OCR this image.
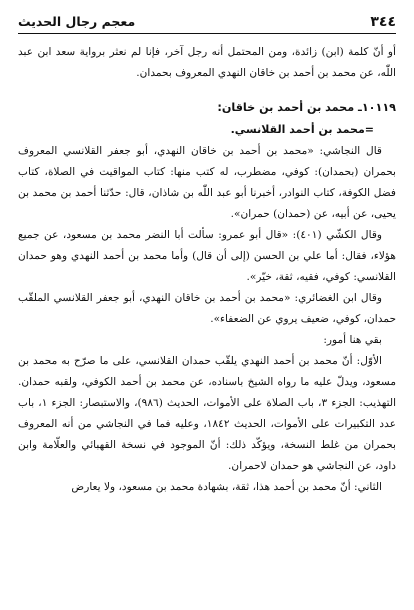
٣٤٤
معجم رجال الحديث

أو أنّ كلمة (ابن) زائدة، ومن المحتمل أنه رجل آخر، فإنا لم نعثر برواية سعد ابن عبد اللّٰه، عن محمد بن أحمد بن خاقان النهدي المعروف بحمدان.

١٠١١٩ـ محمد بن أحمد بن خاقان:
=محمد بن أحمد القلانسي.

قال النجاشي: «محمد بن أحمد بن خاقان النهدي، أبو جعفر القلانسي المعروف بحمران (بحمدان): كوفي، مضطرب، له كتب منها: كتاب المواقيت في الصلاة، كتاب فضل الكوفة، كتاب النوادر، أخبرنا أبو عبد اللّٰه بن شاذان، قال: حدّثنا أحمد بن محمد بن يحيى، عن أبيه، عن (حمدان) حمران».

وقال الكشّي (٤٠١): «قال أبو عمرو: سألت أبا النضر محمد بن مسعود، عن جميع هؤلاء، فقال: أما علي بن الحسن (إلى أن قال) وأما محمد بن أحمد النهدي وهو حمدان القلانسي: كوفي، فقيه، ثقة، خيّر».

وقال ابن الغضائري: «محمد بن أحمد بن خاقان النهدي، أبو جعفر القلانسي الملقّب حمدان، كوفي، ضعيف يروي عن الضعفاء».

بقي هنا أمور:

الأوّل: أنّ محمد بن أحمد النهدي يلقّب حمدان القلانسي، على ما صرّح به محمد بن مسعود، ويدلّ عليه ما رواه الشيخ باسناده، عن محمد بن أحمد الكوفي، ولقبه حمدان. التهذيب: الجزء ٣، باب الصلاة على الأموات، الحديث (٩٨٦)، والاستبصار: الجزء ١، باب عدد التكبيرات على الأموات، الحديث ١٨٤٢، وعليه فما في النجاشي من أنه المعروف بحمران من غلط النسخة، ويؤكّد ذلك: أنّ الموجود في نسخة القهبائي والعلّامة وابن داود، عن النجاشي هو حمدان لاحمران.

الثاني: أنّ محمد بن أحمد هذا، ثقة، بشهادة محمد بن مسعود، ولا يعارض
